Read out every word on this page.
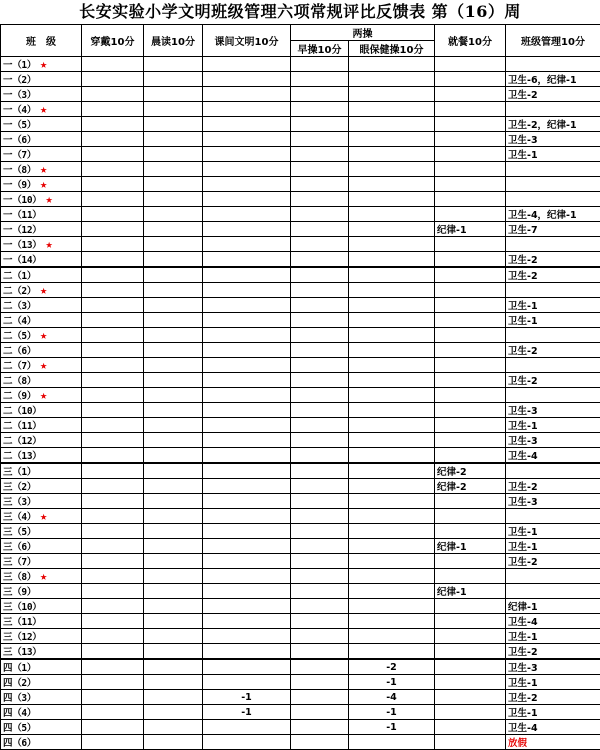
长安实验小学文明班级管理六项常规评比反馈表 第（16）周
班　级	穿戴10分	晨读10分	课间文明10分	两操		就餐10分	班级管理10分
				早操10分	眼保健操10分		
一（1） ★							
一（2）							卫生-6，纪律-1
一（3）							卫生-2
一（4） ★							
一（5）							卫生-2，纪律-1
一（6）							卫生-3
一（7）							卫生-1
一（8） ★							
一（9） ★							
一（10） ★							
一（11）							卫生-4，纪律-1
一（12）						纪律-1	卫生-7
一（13） ★							
一（14）							卫生-2
二（1）							卫生-2
二（2） ★							
二（3）							卫生-1
二（4）							卫生-1
二（5） ★							
二（6）							卫生-2
二（7） ★							
二（8）							卫生-2
二（9） ★							
二（10）							卫生-3
二（11）							卫生-1
二（12）							卫生-3
二（13）							卫生-4
三（1）						纪律-2	
三（2）						纪律-2	卫生-2
三（3）							卫生-3
三（4） ★							
三（5）							卫生-1
三（6）						纪律-1	卫生-1
三（7）							卫生-2
三（8） ★							
三（9）						纪律-1	
三（10）							纪律-1
三（11）							卫生-4
三（12）							卫生-1
三（13）							卫生-2
四（1）					-2		卫生-3
四（2）					-1		卫生-1
四（3）			-1		-4		卫生-2
四（4）			-1		-1		卫生-1
四（5）					-1		卫生-4
四（6）							放假
